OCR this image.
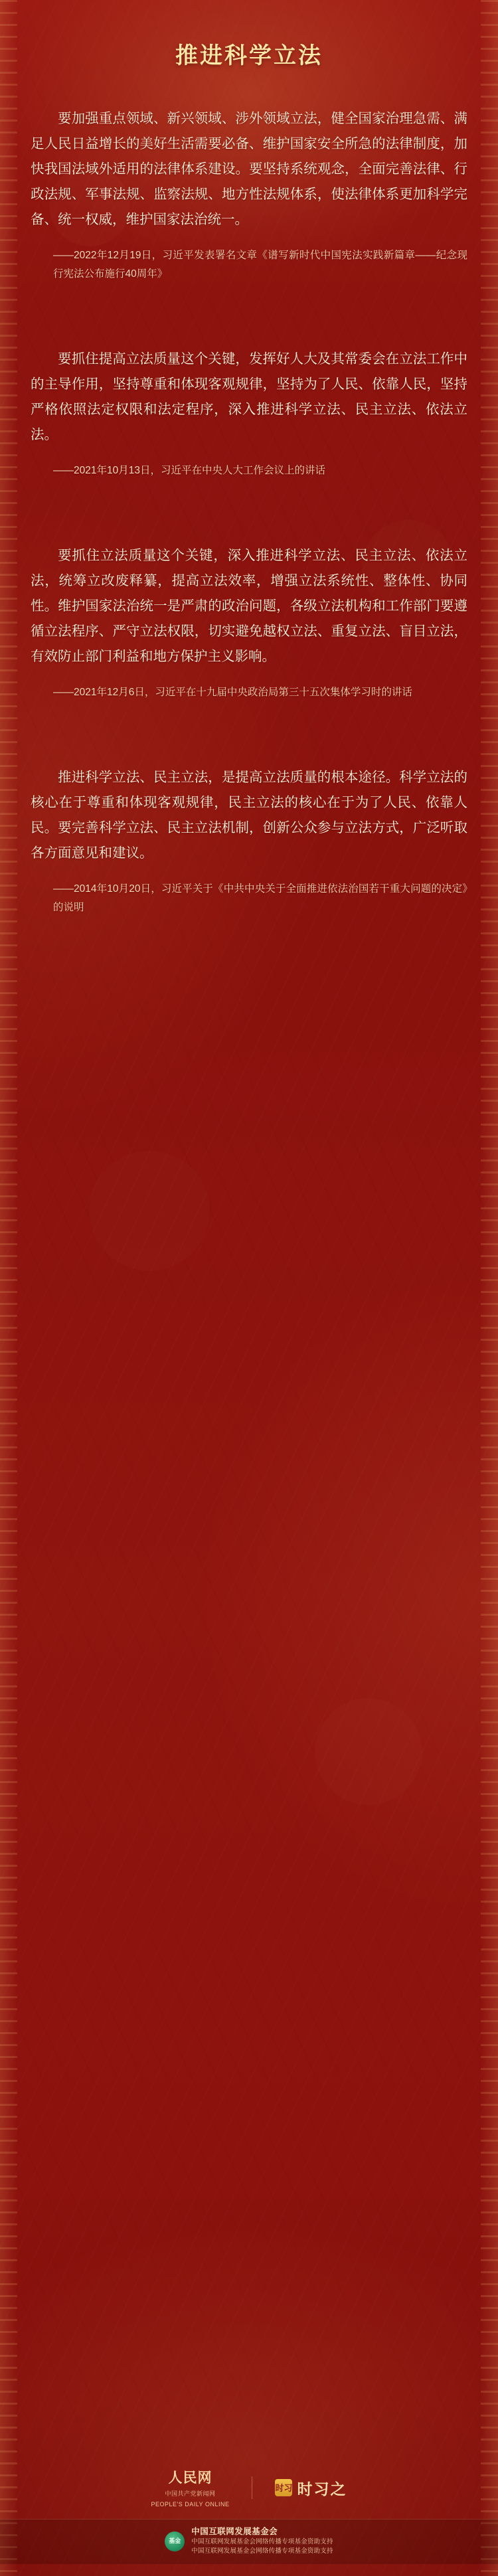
推进科学立法

要加强重点领域、新兴领域、涉外领域立法，健全国家治理急需、满足人民日益增长的美好生活需要必备、维护国家安全所急的法律制度，加快我国法域外适用的法律体系建设。要坚持系统观念，全面完善法律、行政法规、军事法规、监察法规、地方性法规体系，使法律体系更加科学完备、统一权威，维护国家法治统一。

——2022年12月19日，习近平发表署名文章《谱写新时代中国宪法实践新篇章——纪念现行宪法公布施行40周年》

要抓住提高立法质量这个关键，发挥好人大及其常委会在立法工作中的主导作用，坚持尊重和体现客观规律，坚持为了人民、依靠人民，坚持严格依照法定权限和法定程序，深入推进科学立法、民主立法、依法立法。

——2021年10月13日，习近平在中央人大工作会议上的讲话

要抓住立法质量这个关键，深入推进科学立法、民主立法、依法立法，统筹立改废释纂，提高立法效率，增强立法系统性、整体性、协同性。维护国家法治统一是严肃的政治问题，各级立法机构和工作部门要遵循立法程序、严守立法权限，切实避免越权立法、重复立法、盲目立法，有效防止部门利益和地方保护主义影响。

——2021年12月6日，习近平在十九届中央政治局第三十五次集体学习时的讲话

推进科学立法、民主立法，是提高立法质量的根本途径。科学立法的核心在于尊重和体现客观规律，民主立法的核心在于为了人民、依靠人民。要完善科学立法、民主立法机制，创新公众参与立法方式，广泛听取各方面意见和建议。

——2014年10月20日，习近平关于《中共中央关于全面推进依法治国若干重大问题的决定》的说明

人民网
中国共产党新闻网
PEOPLE'S DAILY ONLINE
时习 时习之
基金
中国互联网发展基金会
中国互联网发展基金会网络传播专项基金资助支持
中国互联网发展基金会网络传播专项基金资助支持
